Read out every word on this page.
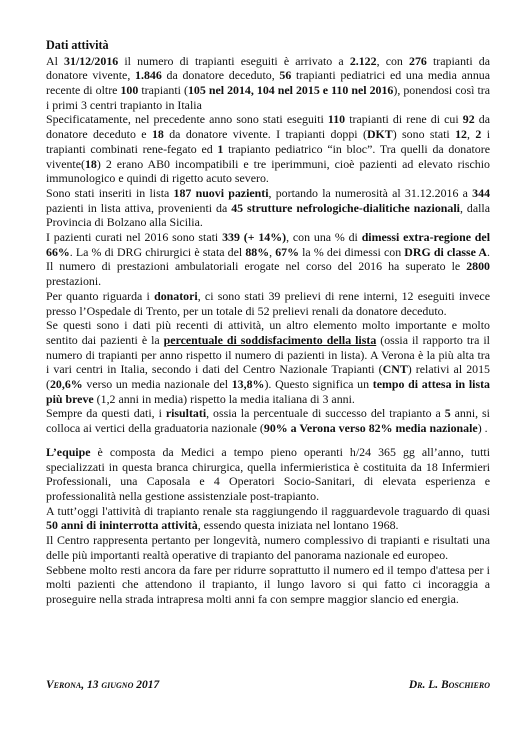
Dati attività

Al 31/12/2016 il numero di trapianti eseguiti è arrivato a 2.122, con 276 trapianti da donatore vivente, 1.846 da donatore deceduto, 56 trapianti pediatrici ed una media annua recente di oltre 100 trapianti (105 nel 2014, 104 nel 2015 e 110 nel 2016), ponendosi così tra i primi 3 centri trapianto in Italia

Specificatamente, nel precedente anno sono stati eseguiti 110 trapianti di rene di cui 92 da donatore deceduto e 18 da donatore vivente. I trapianti doppi (DKT) sono stati 12, 2 i trapianti combinati rene-fegato ed 1 trapianto pediatrico “in bloc”. Tra quelli da donatore vivente(18) 2 erano AB0 incompatibili e tre iperimmuni, cioè pazienti ad elevato rischio immunologico e quindi di rigetto acuto severo.

Sono stati inseriti in lista 187 nuovi pazienti, portando la numerosità al 31.12.2016 a 344 pazienti in lista attiva, provenienti da 45 strutture nefrologiche-dialitiche nazionali, dalla Provincia di Bolzano alla Sicilia.

I pazienti curati nel 2016 sono stati 339 (+ 14%), con una % di dimessi extra-regione del 66%. La % di DRG chirurgici è stata del 88%, 67% la % dei dimessi con DRG di classe A. Il numero di prestazioni ambulatoriali erogate nel corso del 2016 ha superato le 2800 prestazioni.

Per quanto riguarda i donatori, ci sono stati 39 prelievi di rene interni, 12 eseguiti invece presso l’Ospedale di Trento, per un totale di 52 prelievi renali da donatore deceduto.

Se questi sono i dati più recenti di attività, un altro elemento molto importante e molto sentito dai pazienti è la percentuale di soddisfacimento della lista (ossia il rapporto tra il numero di trapianti per anno rispetto il numero di pazienti in lista). A Verona è la più alta tra i vari centri in Italia, secondo i dati del Centro Nazionale Trapianti (CNT) relativi al 2015 (20,6% verso un media nazionale del 13,8%). Questo significa un tempo di attesa in lista più breve (1,2 anni in media) rispetto la media italiana di 3 anni.

Sempre da questi dati, i risultati, ossia la percentuale di successo del trapianto a 5 anni, si colloca ai vertici della graduatoria nazionale (90% a Verona verso 82% media nazionale) .

L’equipe è composta da Medici a tempo pieno operanti h/24 365 gg all’anno, tutti specializzati in questa branca chirurgica, quella infermieristica è costituita da 18 Infermieri Professionali, una Caposala e 4 Operatori Socio-Sanitari, di elevata esperienza e professionalità nella gestione assistenziale post-trapianto.

A tutt’oggi l'attività di trapianto renale sta raggiungendo il ragguardevole traguardo di quasi 50 anni di ininterrotta attività, essendo questa iniziata nel lontano 1968.

Il Centro rappresenta pertanto per longevità, numero complessivo di trapianti e risultati una delle più importanti realtà operative di trapianto del panorama nazionale ed europeo.

Sebbene molto resti ancora da fare per ridurre soprattutto il numero ed il tempo d'attesa per i molti pazienti che attendono il trapianto, il lungo lavoro si qui fatto ci incoraggia a proseguire nella strada intrapresa molti anni fa con sempre maggior slancio ed energia.

Verona, 13 giugno 2017	Dr. L. Boschiero
